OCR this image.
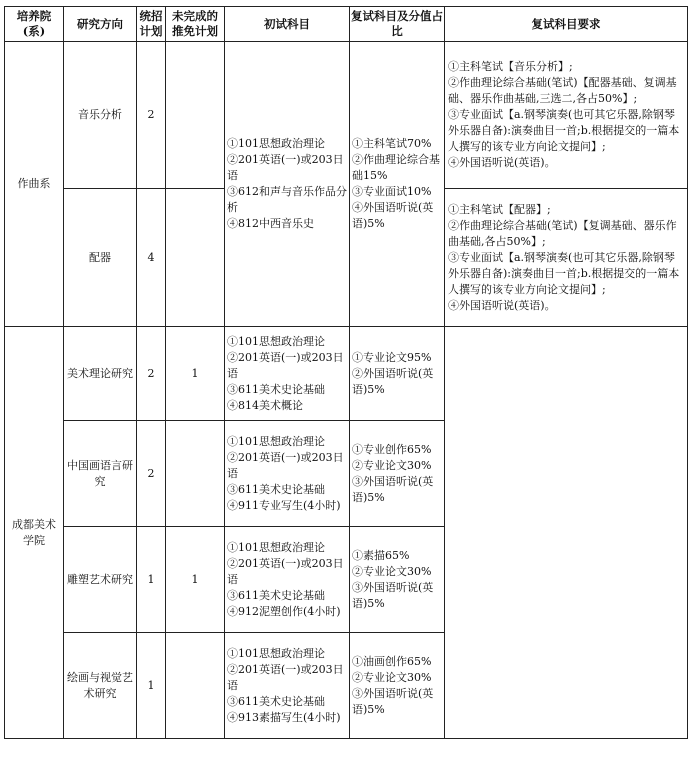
培养院(系)	研究方向	统招计划	未完成的推免计划	初试科目	复试科目及分值占比	复试科目要求
作曲系	音乐分析	2		①101思想政治理论
②201英语(一)或203日语
③612和声与音乐作品分析
④812中西音乐史	①主科笔试70%
②作曲理论综合基础15%
③专业面试10%
④外国语听说(英语)5%	①主科笔试【音乐分析】;
②作曲理论综合基础(笔试)【配器基础、复调基础、器乐作曲基础,三选二,各占50%】;
③专业面试【a.钢琴演奏(也可其它乐器,除钢琴外乐器自备):演奏曲目一首;b.根据提交的一篇本人撰写的该专业方向论文提问】;
④外国语听说(英语)。
	配器	4				①主科笔试【配器】;
②作曲理论综合基础(笔试)【复调基础、器乐作曲基础,各占50%】;
③专业面试【a.钢琴演奏(也可其它乐器,除钢琴外乐器自备):演奏曲目一首;b.根据提交的一篇本人撰写的该专业方向论文提问】;
④外国语听说(英语)。
成都美术学院	美术理论研究	2	1	①101思想政治理论
②201英语(一)或203日语
③611美术史论基础
④814美术概论	①专业论文95%
②外国语听说(英语)5%	
	中国画语言研究	2		①101思想政治理论
②201英语(一)或203日语
③611美术史论基础
④911专业写生(4小时)	①专业创作65%
②专业论文30%
③外国语听说(英语)5%	
	雕塑艺术研究	1	1	①101思想政治理论
②201英语(一)或203日语
③611美术史论基础
④912泥塑创作(4小时)	①素描65%
②专业论文30%
③外国语听说(英语)5%	
	绘画与视觉艺术研究	1		①101思想政治理论
②201英语(一)或203日语
③611美术史论基础
④913素描写生(4小时)	①油画创作65%
②专业论文30%
③外国语听说(英语)5%	
